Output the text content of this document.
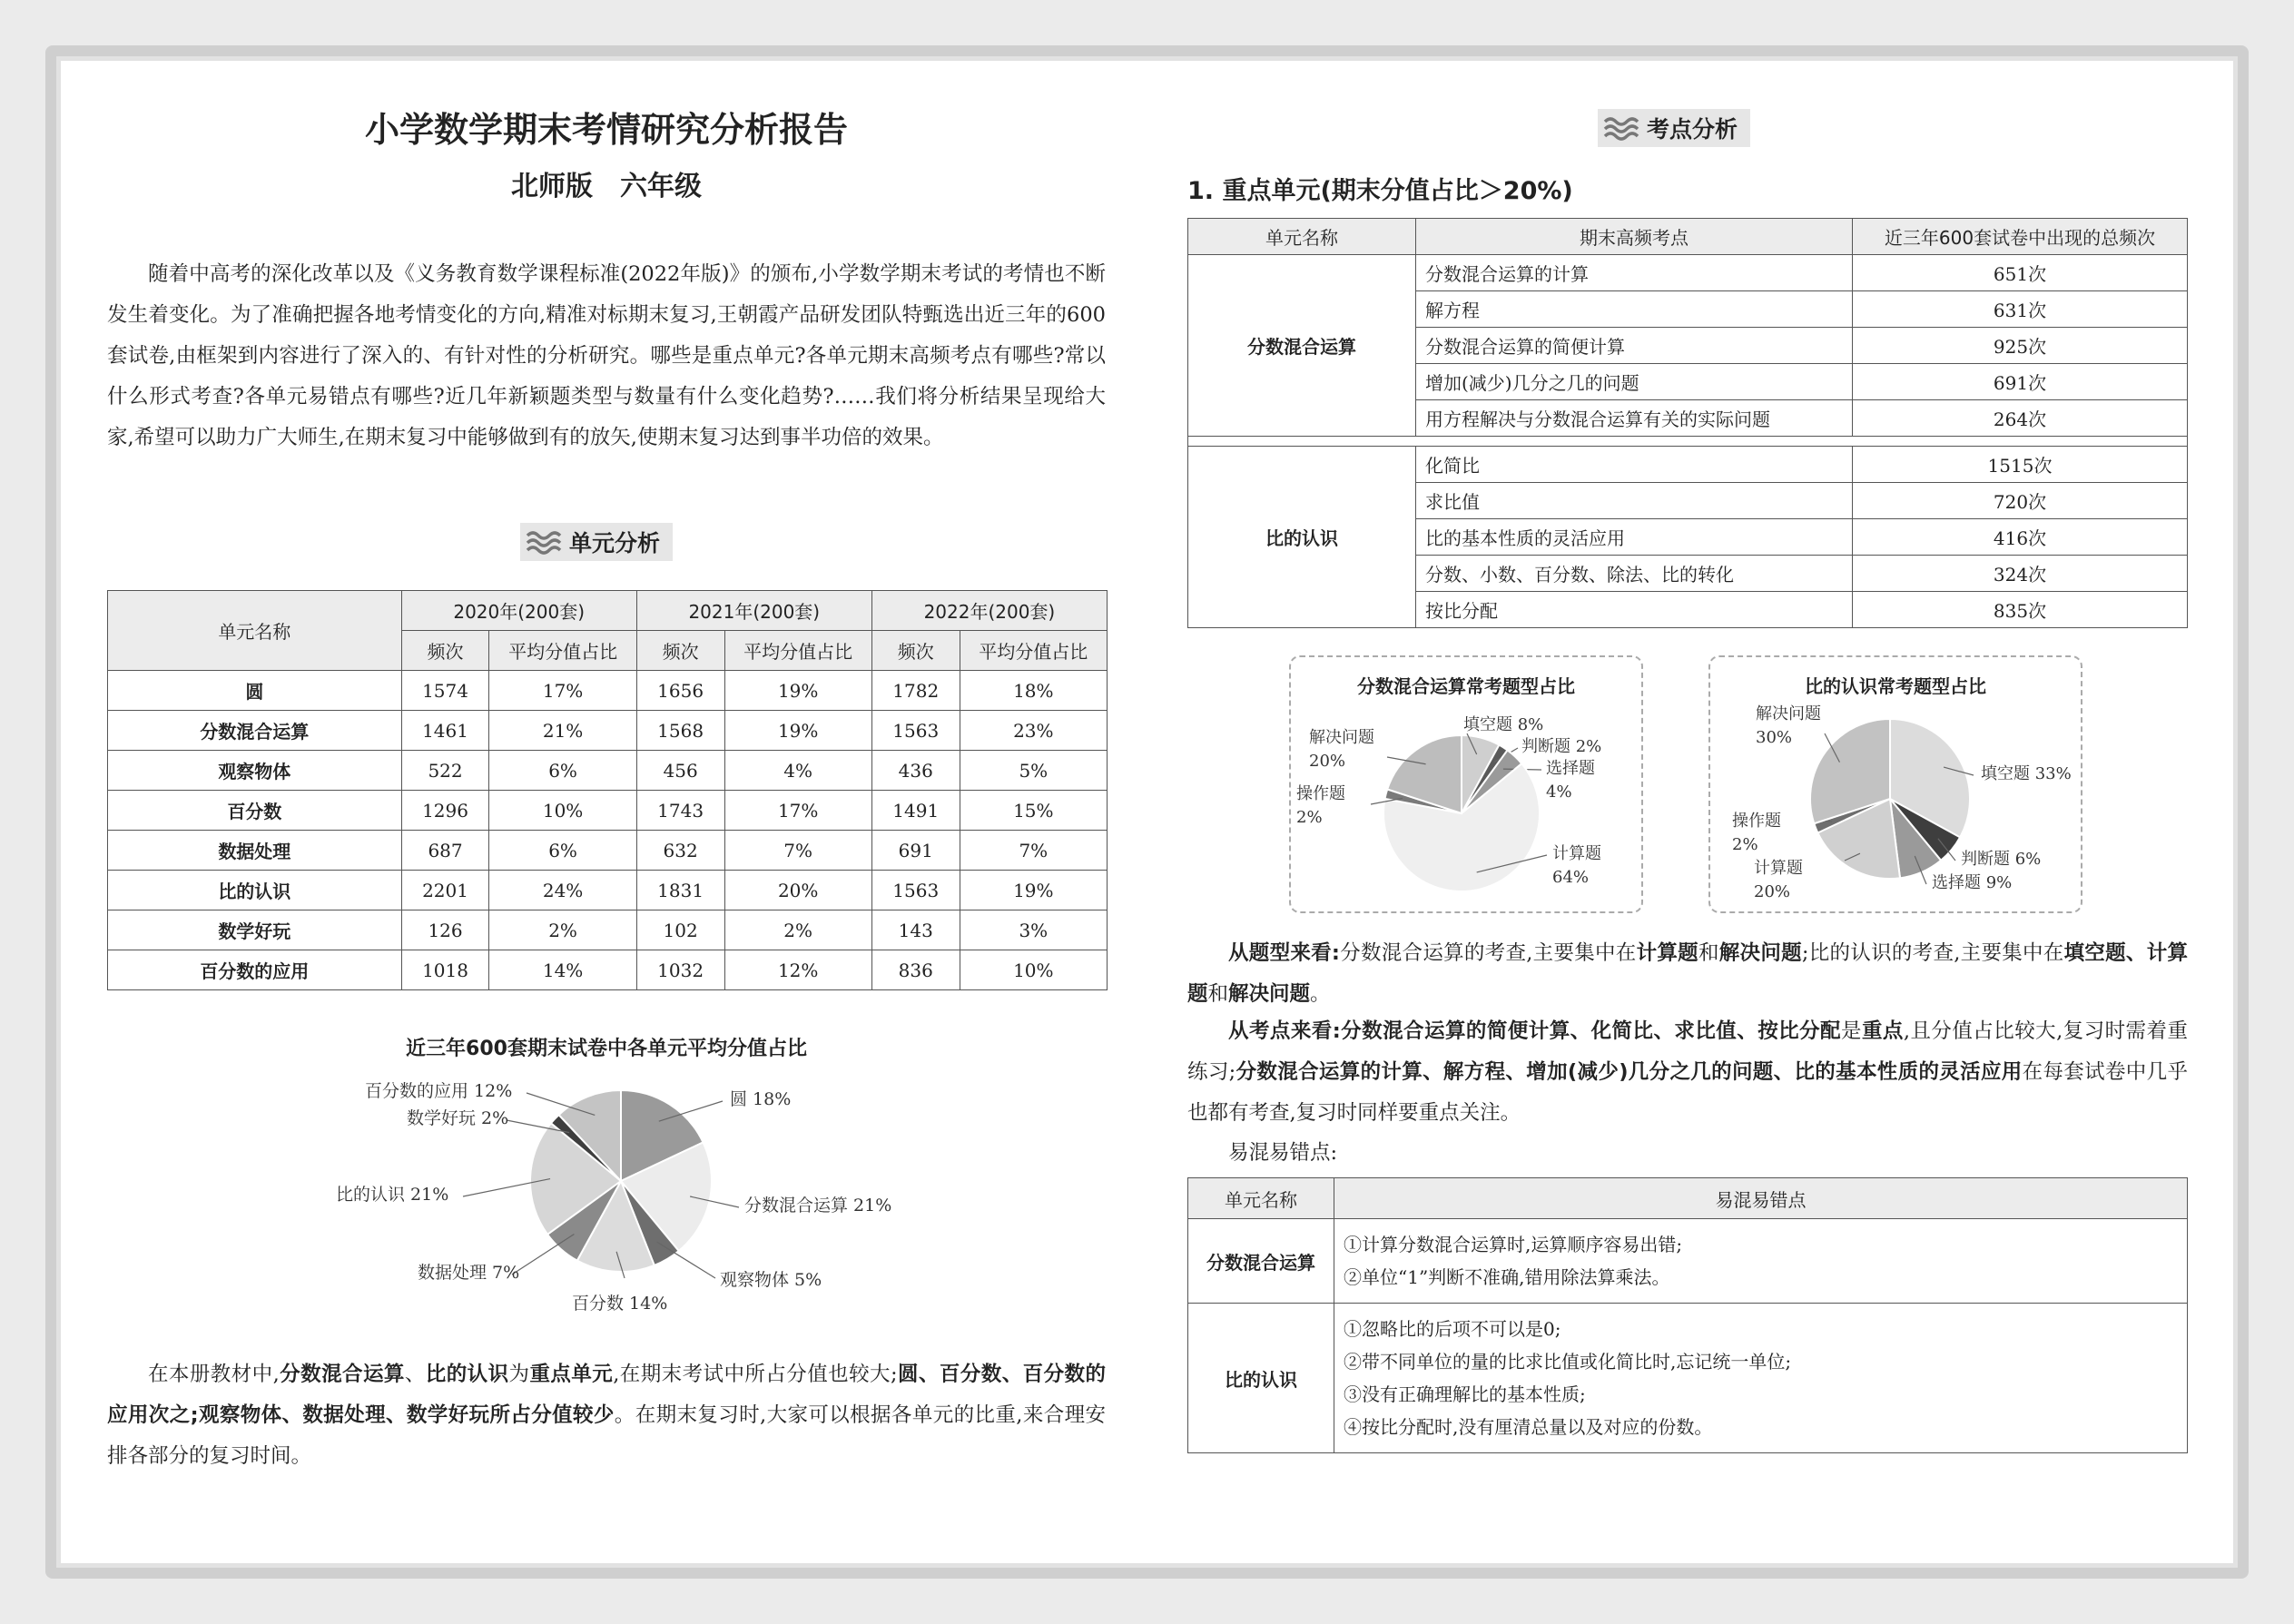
小学数学期末考情研究分析报告
北师版　六年级

随着中高考的深化改革以及《义务教育数学课程标准(2022年版)》的颁布,小学数学期末考试的考情也不断发生着变化。为了准确把握各地考情变化的方向,精准对标期末复习,王朝霞产品研发团队特甄选出近三年的600套试卷,由框架到内容进行了深入的、有针对性的分析研究。哪些是重点单元?各单元期末高频考点有哪些?常以什么形式考查?各单元易错点有哪些?近几年新颖题类型与数量有什么变化趋势?……我们将分析结果呈现给大家,希望可以助力广大师生,在期末复习中能够做到有的放矢,使期末复习达到事半功倍的效果。

单元分析
单元名称	2020年(200套)		2021年(200套)		2022年(200套)	
	频次	平均分值占比	频次	平均分值占比	频次	平均分值占比
圆	1574	17%	1656	19%	1782	18%
分数混合运算	1461	21%	1568	19%	1563	23%
观察物体	522	6%	456	4%	436	5%
百分数	1296	10%	1743	17%	1491	15%
数据处理	687	6%	632	7%	691	7%
比的认识	2201	24%	1831	20%	1563	19%
数学好玩	126	2%	102	2%	143	3%
百分数的应用	1018	14%	1032	12%	836	10%
近三年600套期末试卷中各单元平均分值占比
圆 18%
分数混合运算 21%
观察物体 5%
百分数 14%
数据处理 7%
比的认识 21%
数学好玩 2%
百分数的应用 12%

在本册教材中,分数混合运算、比的认识为重点单元,在期末考试中所占分值也较大;圆、百分数、百分数的应用次之;观察物体、数据处理、数学好玩所占分值较少。在期末复习时,大家可以根据各单元的比重,来合理安排各部分的复习时间。

考点分析
1. 重点单元(期末分值占比＞20%)
单元名称	期末高频考点	近三年600套试卷中出现的总频次
分数混合运算	分数混合运算的计算	651次
	解方程	631次
	分数混合运算的简便计算	925次
	增加(减少)几分之几的问题	691次
	用方程解决与分数混合运算有关的实际问题	264次

比的认识	化简比	1515次
	求比值	720次
	比的基本性质的灵活应用	416次
	分数、小数、百分数、除法、比的转化	324次
	按比分配	835次
分数混合运算常考题型占比
填空题 8%
判断题 2%
选择题
4%
计算题
64%
操作题
2%
解决问题
20%
比的认识常考题型占比
填空题 33%
判断题 6%
选择题 9%
计算题
20%
操作题
2%
解决问题
30%

从题型来看:分数混合运算的考查,主要集中在计算题和解决问题;比的认识的考查,主要集中在填空题、计算题和解决问题。

从考点来看:分数混合运算的简便计算、化简比、求比值、按比分配是重点,且分值占比较大,复习时需着重练习;分数混合运算的计算、解方程、增加(减少)几分之几的问题、比的基本性质的灵活应用在每套试卷中几乎也都有考查,复习时同样要重点关注。

易混易错点:
单元名称	易混易错点
分数混合运算	①计算分数混合运算时,运算顺序容易出错;
②单位“1”判断不准确,错用除法算乘法。

比的认识	①忽略比的后项不可以是0;
②带不同单位的量的比求比值或化简比时,忘记统一单位;
③没有正确理解比的基本性质;
④按比分配时,没有厘清总量以及对应的份数。
